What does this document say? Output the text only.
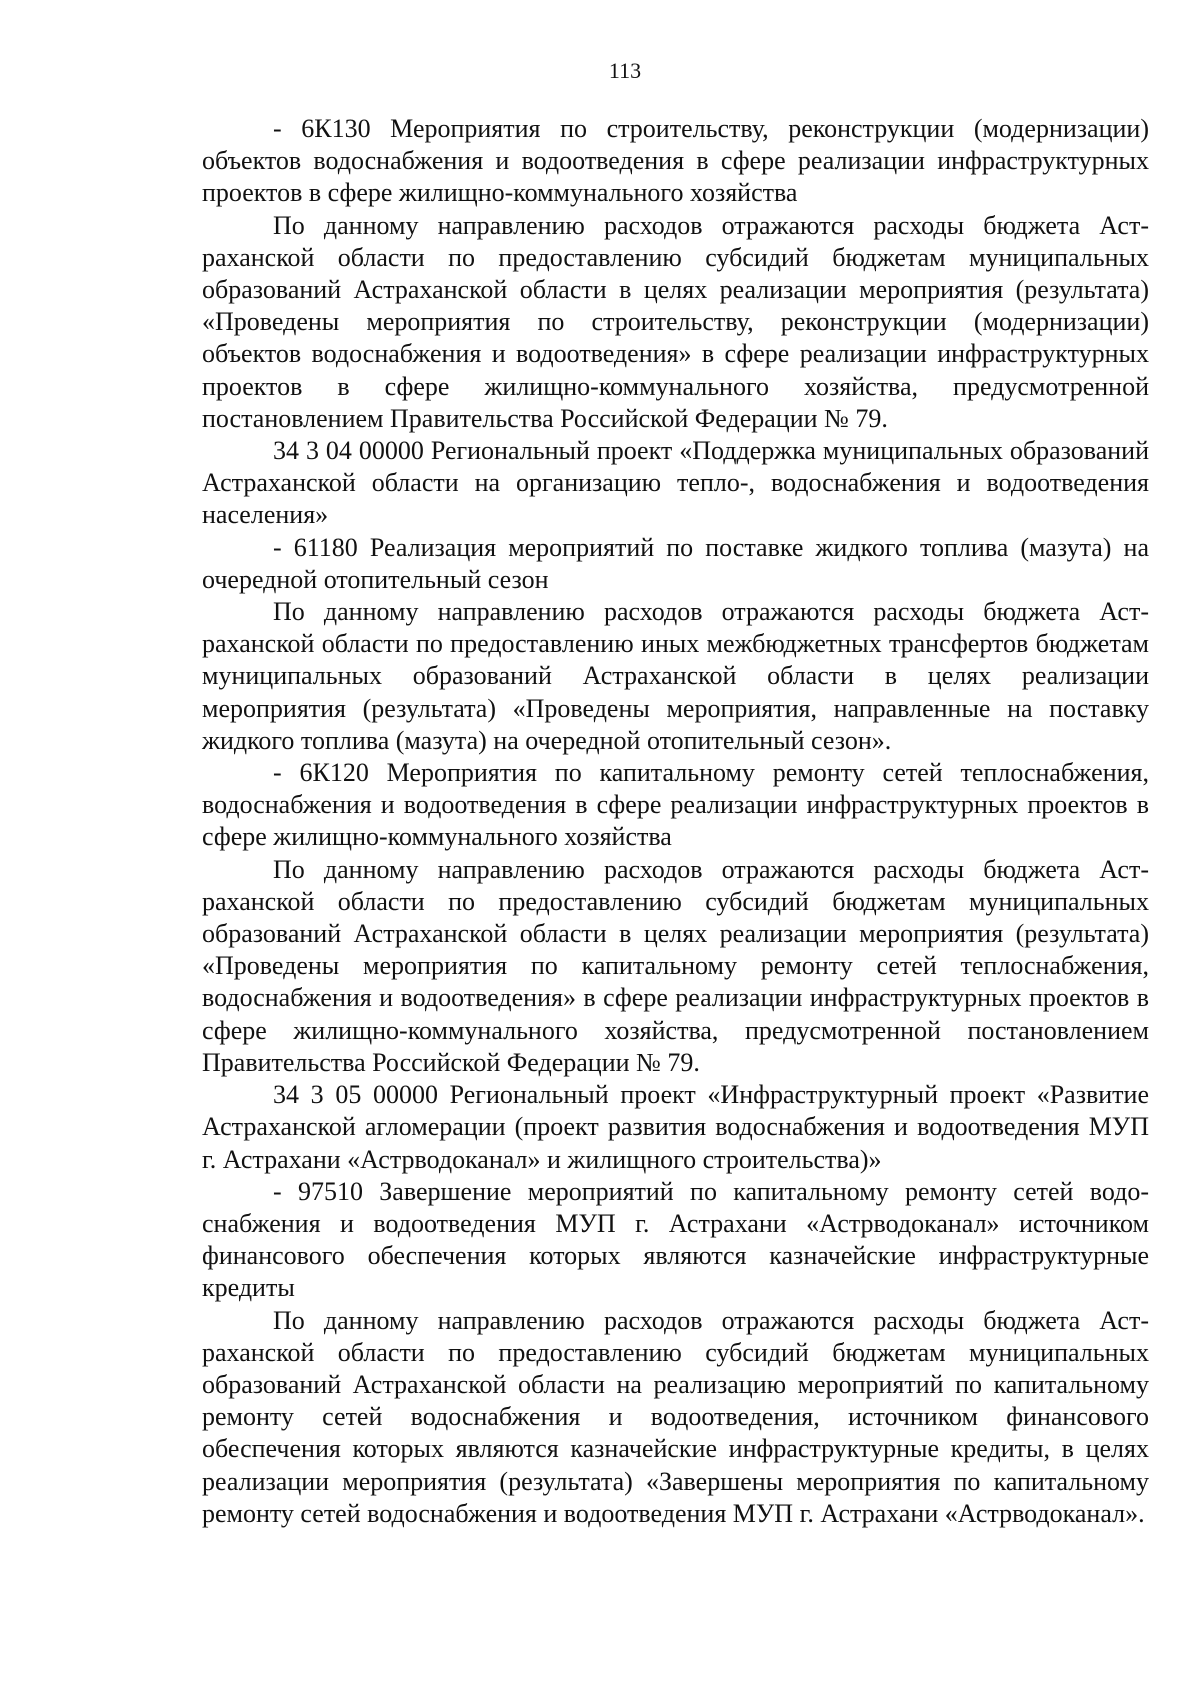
113

- 6К130 Мероприятия по строительству, реконструкции (модернизации) объектов водоснабжения и водоотведения в сфере реализации инфраструктурных проектов в сфере жилищно-коммунального хозяйства

По данному направлению расходов отражаются расходы бюджета Астраханской области по предоставлению субсидий бюджетам муниципальных образований Астраханской области в целях реализации мероприятия (результата) «Проведены мероприятия по строительству, реконструкции (модернизации) объектов водоснабжения и водоотведения» в сфере реализации инфраструктурных проектов в сфере жилищно-коммунального хозяйства, предусмотренной постановлением Правительства Российской Федерации № 79.

34 3 04 00000 Региональный проект «Поддержка муниципальных образований Астраханской области на организацию тепло-, водоснабжения и водоотведения населения»

- 61180 Реализация мероприятий по поставке жидкого топлива (мазута) на очередной отопительный сезон

По данному направлению расходов отражаются расходы бюджета Астраханской области по предоставлению иных межбюджетных трансфертов бюджетам муниципальных образований Астраханской области в целях реализации мероприятия (результата) «Проведены мероприятия, направленные на поставку жидкого топлива (мазута) на очередной отопительный сезон».

- 6К120 Мероприятия по капитальному ремонту сетей теплоснабжения, водоснабжения и водоотведения в сфере реализации инфраструктурных проектов в сфере жилищно-коммунального хозяйства

По данному направлению расходов отражаются расходы бюджета Астраханской области по предоставлению субсидий бюджетам муниципальных образований Астраханской области в целях реализации мероприятия (результата) «Проведены мероприятия по капитальному ремонту сетей теплоснабжения, водоснабжения и водоотведения» в сфере реализации инфраструктурных проектов в сфере жилищно-коммунального хозяйства, предусмотренной постановлением Правительства Российской Федерации № 79.

34 3 05 00000 Региональный проект «Инфраструктурный проект «Развитие Астраханской агломерации (проект развития водоснабжения и водоотведения МУП г. Астрахани «Астрводоканал» и жилищного строительства)»

- 97510 Завершение мероприятий по капитальному ремонту сетей водоснабжения и водоотведения МУП г. Астрахани «Астрводоканал» источником финансового обеспечения которых являются казначейские инфраструктурные кредиты

По данному направлению расходов отражаются расходы бюджета Астраханской области по предоставлению субсидий бюджетам муниципальных образований Астраханской области на реализацию мероприятий по капитальному ремонту сетей водоснабжения и водоотведения, источником финансового обеспечения которых являются казначейские инфраструктурные кредиты, в целях реализации мероприятия (результата) «Завершены мероприятия по капитальному ремонту сетей водоснабжения и водоотведения МУП г. Астрахани «Астрводоканал».
